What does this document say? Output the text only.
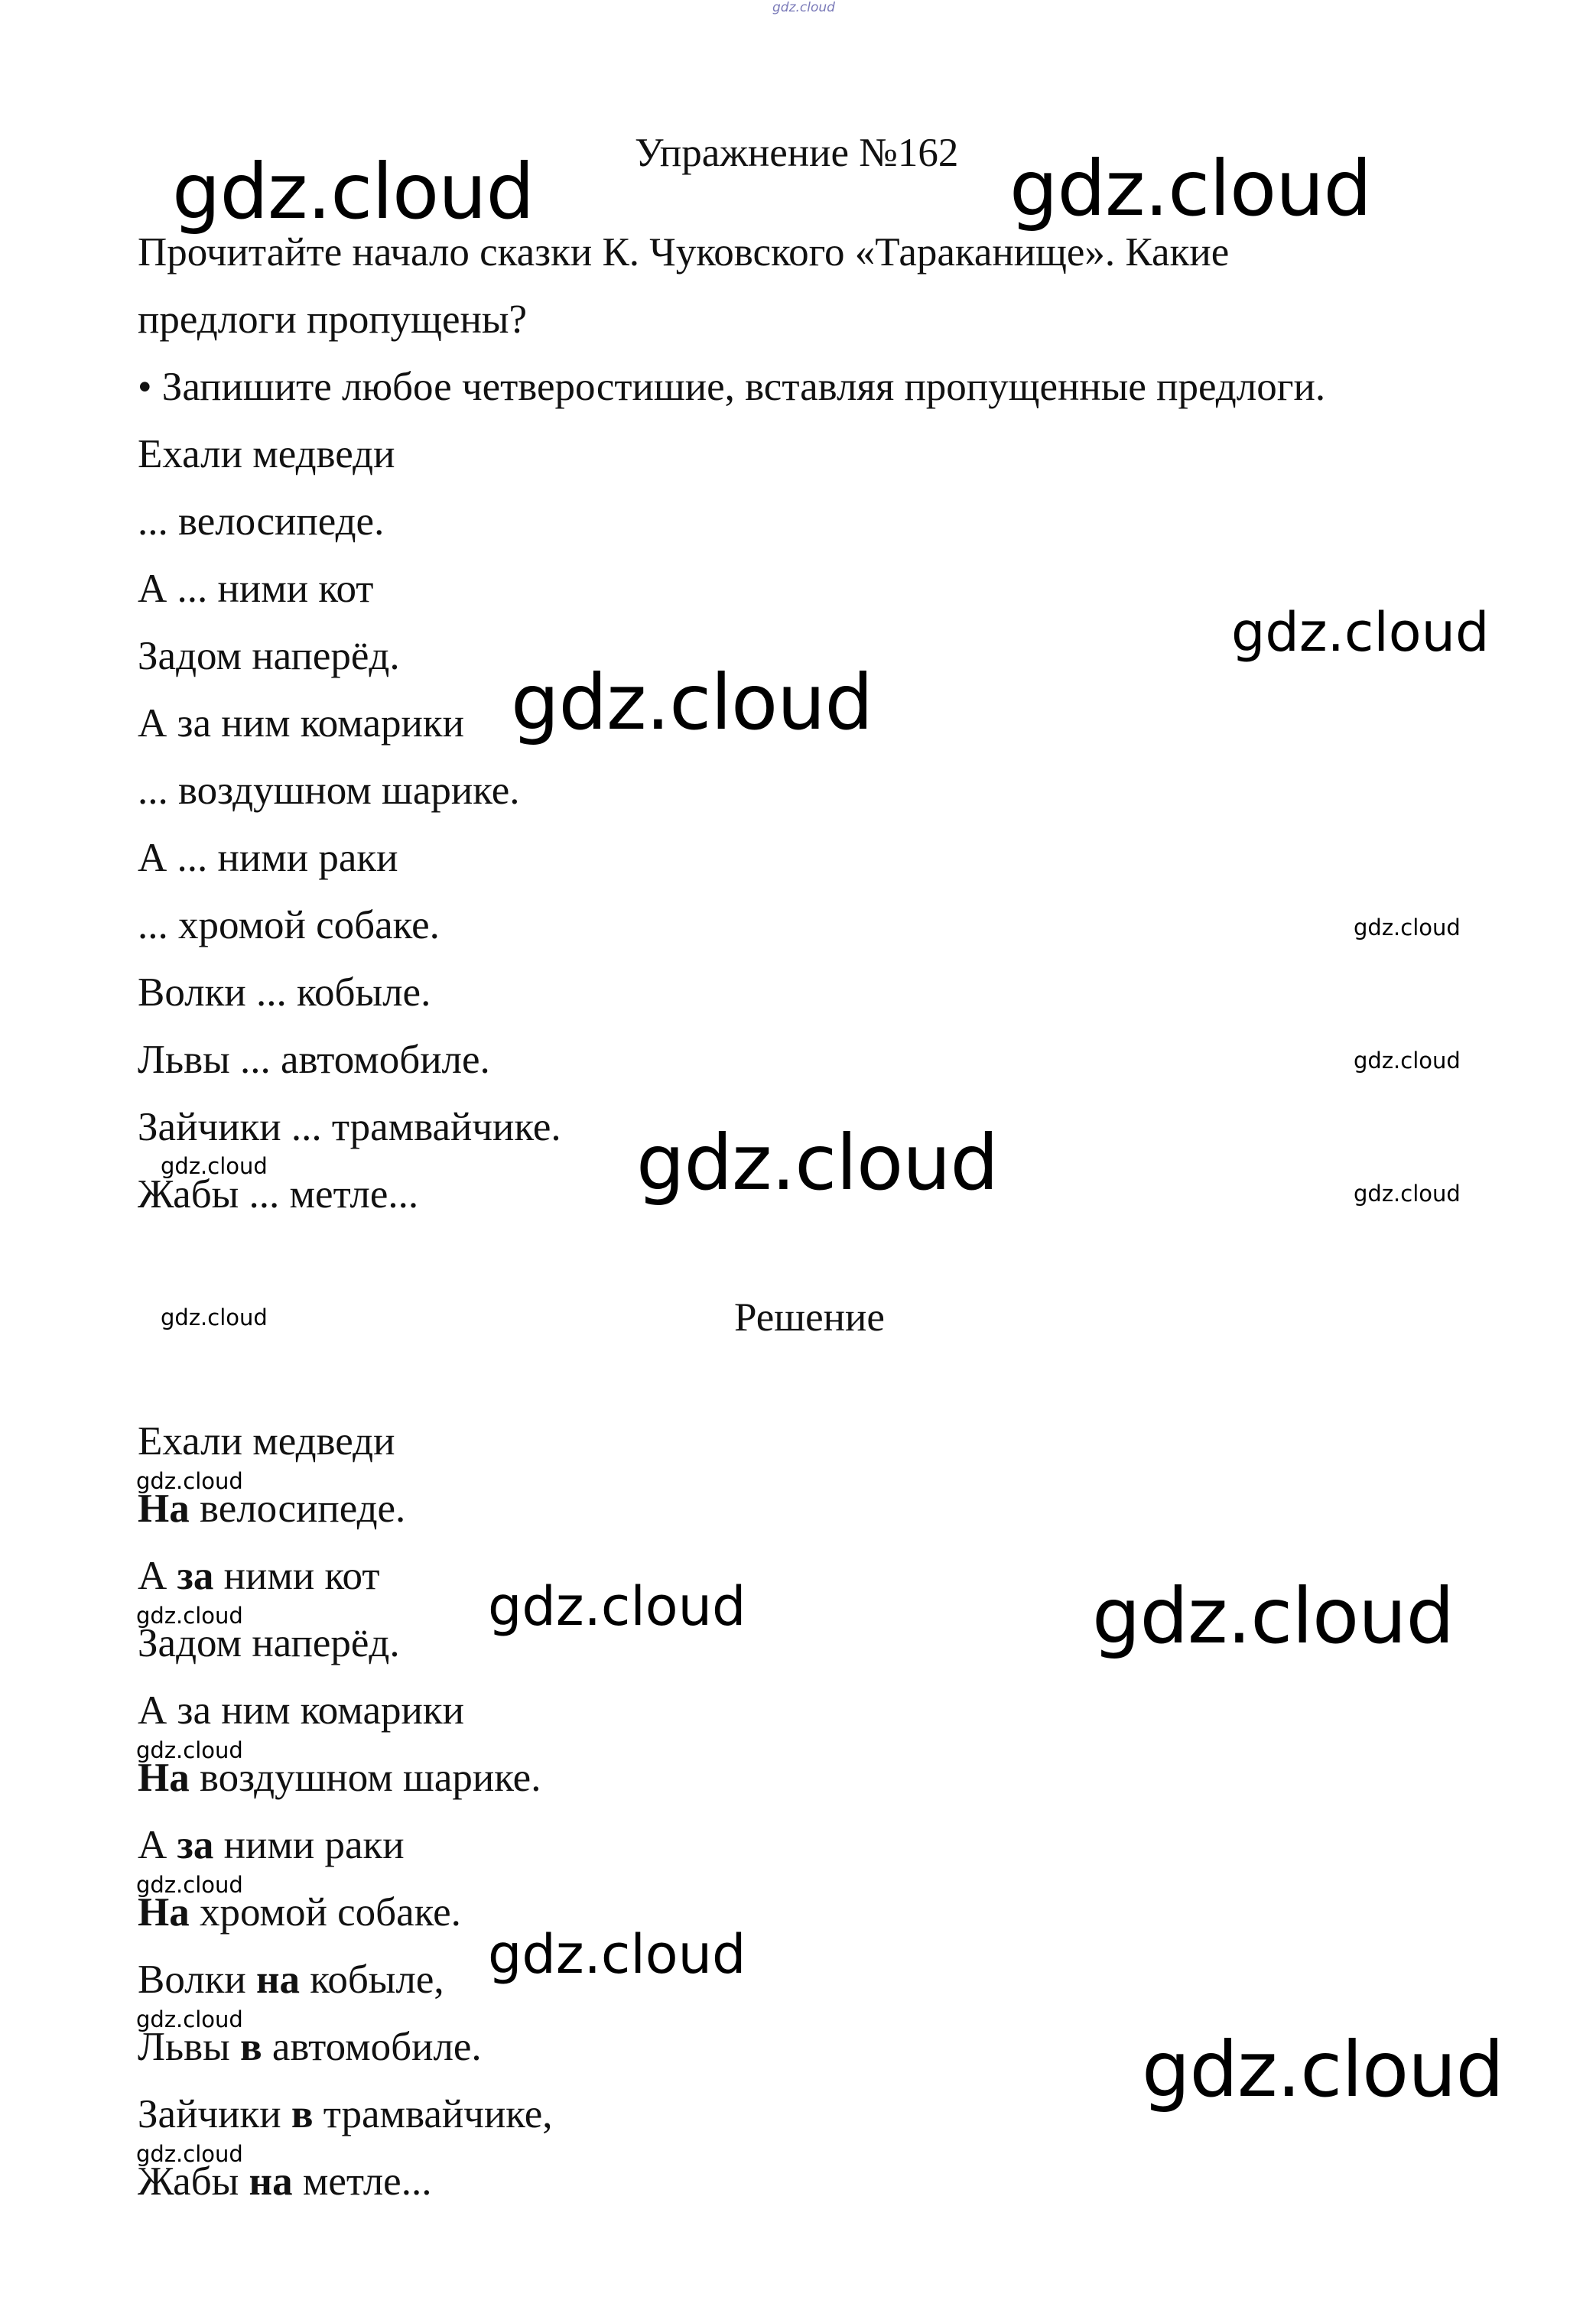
gdz.cloud
Упражнение №162
Прочитайте начало сказки К. Чуковского «Тараканище». Какие
предлоги пропущены?
• Запишите любое четверостишие, вставляя пропущенные предлоги.
Ехали медведи
... велосипеде.
А ... ними кот
Задом наперёд.
А за ним комарики
... воздушном шарике.
А ... ними раки
... хромой собаке.
Волки ... кобыле.
Львы ... автомобиле.
Зайчики ... трамвайчике.
Жабы ... метле...
Решение
Ехали медведи
На велосипеде.
А за ними кот
Задом наперёд.
А за ним комарики
На воздушном шарике.
А за ними раки
На хромой собаке.
Волки на кобыле,
Львы в автомобиле.
Зайчики в трамвайчике,
Жабы на метле...
gdz.cloud	gdz.cloud
gdz.cloud
gdz.cloud
gdz.cloud
gdz.cloud
gdz.cloud
gdz.cloud
gdz.cloud
gdz.cloud
gdz.cloud
gdz.cloud	gdz.cloud
gdz.cloud
gdz.cloud
gdz.cloud
gdz.cloud
gdz.cloud
gdz.cloud
gdz.cloud
